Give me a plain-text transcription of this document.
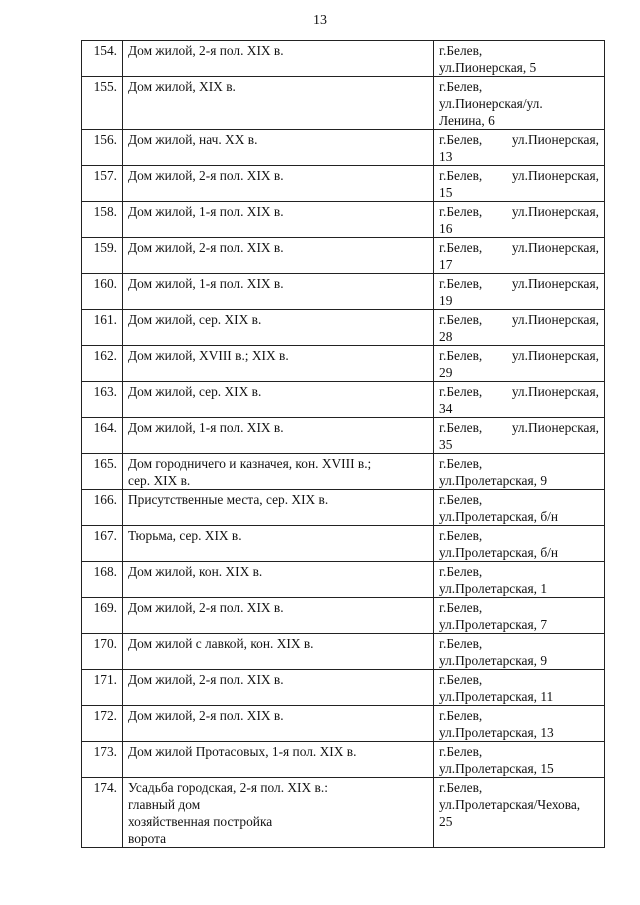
13
154.	Дом жилой, 2-я пол. XIX в.	г.Белев,
ул.Пионерская, 5

155.	Дом жилой, XIX в.	г.Белев,
ул.Пионерская/ул.
Ленина, 6

156.	Дом жилой, нач. XX в.	г.Белев, ул.Пионерская,
13

157.	Дом жилой, 2-я пол. XIX в.	г.Белев, ул.Пионерская,
15

158.	Дом жилой, 1-я пол. XIX в.	г.Белев, ул.Пионерская,
16

159.	Дом жилой, 2-я пол. XIX в.	г.Белев, ул.Пионерская,
17

160.	Дом жилой, 1-я пол. XIX в.	г.Белев, ул.Пионерская,
19

161.	Дом жилой, сер. XIX в.	г.Белев, ул.Пионерская,
28

162.	Дом жилой, XVIII в.; XIX в.	г.Белев, ул.Пионерская,
29

163.	Дом жилой, сер. XIX в.	г.Белев, ул.Пионерская,
34

164.	Дом жилой, 1-я пол. XIX в.	г.Белев, ул.Пионерская,
35

165.	Дом городничего и казначея, кон. XVIII в.;
сер. XIX в.	г.Белев,
ул.Пролетарская, 9

166.	Присутственные места, сер. XIX в.	г.Белев,
ул.Пролетарская, б/н

167.	Тюрьма, сер. XIX в.	г.Белев,
ул.Пролетарская, б/н

168.	Дом жилой, кон. XIX в.	г.Белев,
ул.Пролетарская, 1

169.	Дом жилой, 2-я пол. XIX в.	г.Белев,
ул.Пролетарская, 7

170.	Дом жилой с лавкой, кон. XIX в.	г.Белев,
ул.Пролетарская, 9

171.	Дом жилой, 2-я пол. XIX в.	г.Белев,
ул.Пролетарская, 11

172.	Дом жилой, 2-я пол. XIX в.	г.Белев,
ул.Пролетарская, 13

173.	Дом жилой Протасовых, 1-я пол. XIX в.	г.Белев,
ул.Пролетарская, 15

174.	Усадьба городская, 2-я пол. XIX в.:
главный дом
хозяйственная постройка
ворота	г.Белев,
ул.Пролетарская/Чехова,
25
